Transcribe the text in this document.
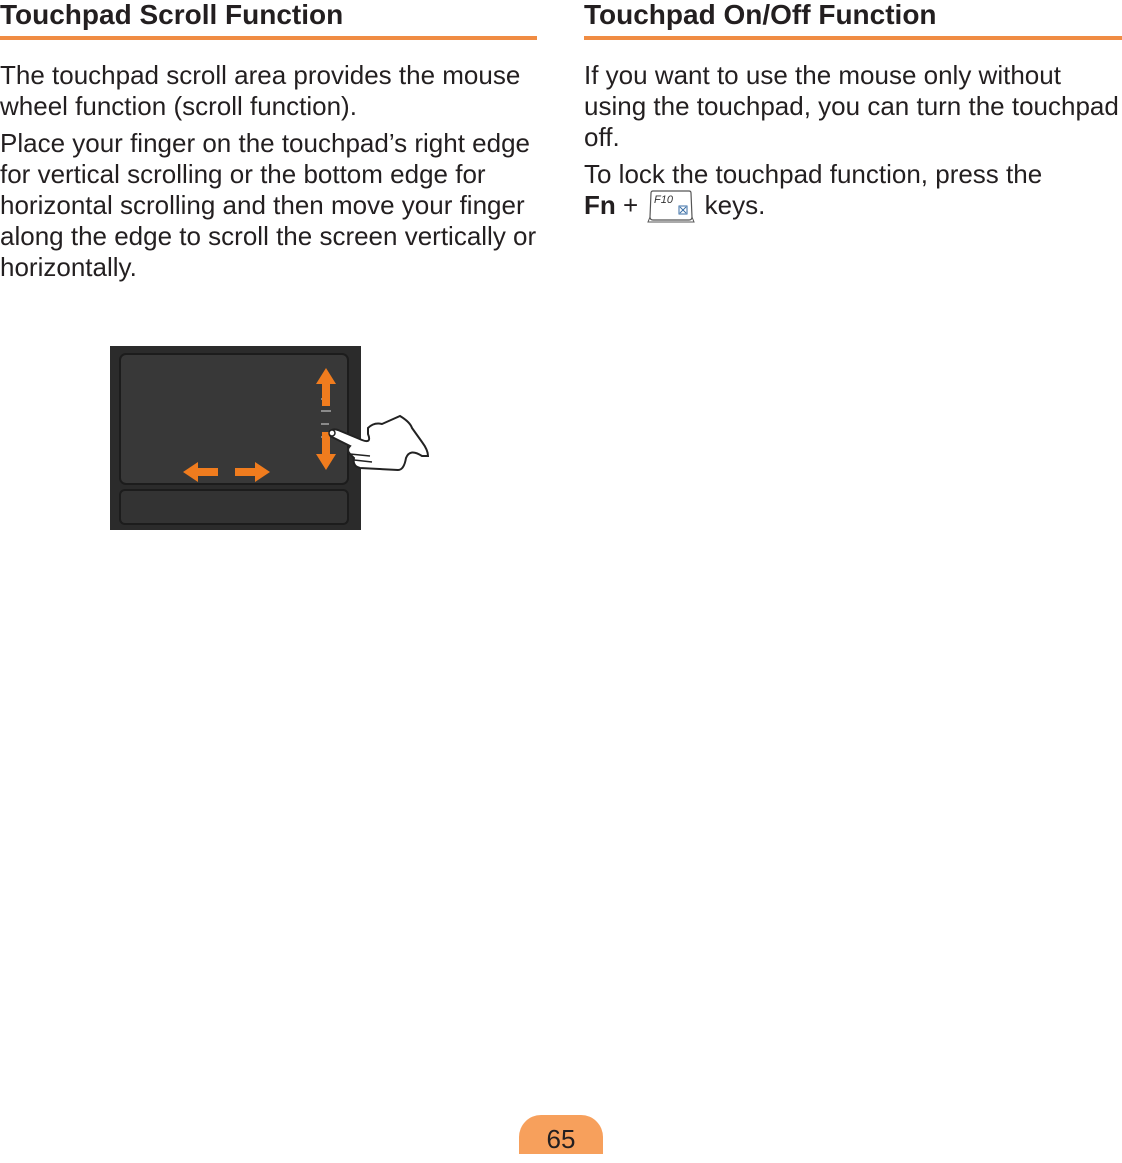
Touchpad Scroll Function

The touchpad scroll area provides the mouse wheel function (scroll function).

Place your finger on the touchpad’s right edge for vertical scrolling or the bottom edge for horizontal scrolling and then move your finger along the edge to scroll the screen vertically or horizontally.

Touchpad On/Off Function

If you want to use the mouse only without using the touchpad, you can turn the touchpad off.

To lock the touchpad function, press the
Fn + F10 keys.

65
